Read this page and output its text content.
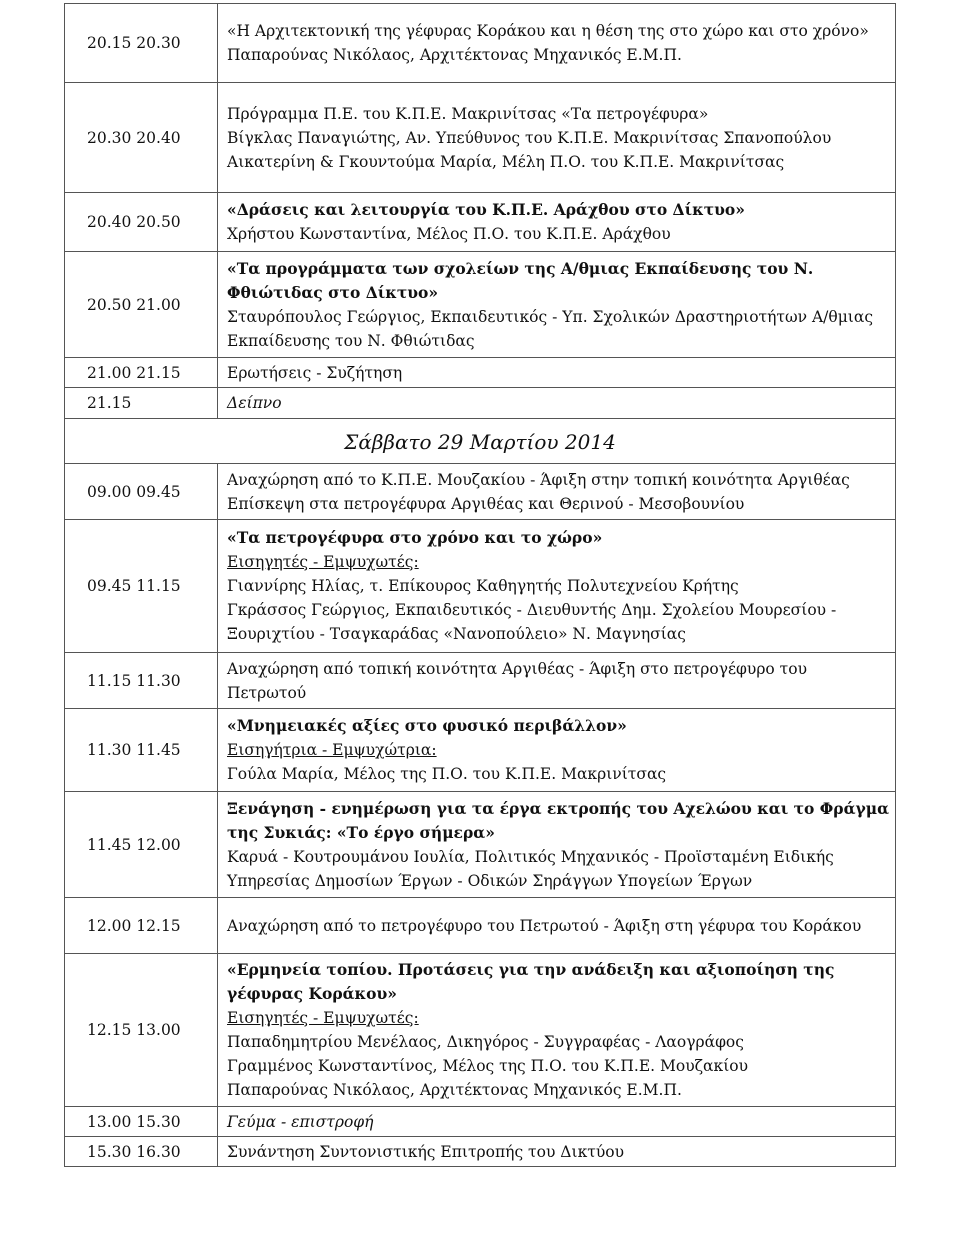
20.15 20.30	«Η Αρχιτεκτονική της γέφυρας Κοράκου και η θέση της στο χώρο και στο χρόνο»
Παπαρούνας Νικόλαος, Αρχιτέκτονας Μηχανικός Ε.Μ.Π.

20.30 20.40	Πρόγραμμα Π.Ε. του Κ.Π.Ε. Μακρινίτσας «Τα πετρογέφυρα»
Βίγκλας Παναγιώτης, Αν. Υπεύθυνος του Κ.Π.Ε. Μακρινίτσας Σπανοπούλου Αικατερίνη & Γκουντούμα Μαρία, Μέλη Π.Ο. του Κ.Π.Ε. Μακρινίτσας

20.40 20.50	«Δράσεις και λειτουργία του Κ.Π.Ε. Αράχθου στο Δίκτυο»
Χρήστου Κωνσταντίνα, Μέλος Π.Ο. του Κ.Π.Ε. Αράχθου

20.50 21.00	«Τα προγράμματα των σχολείων της Α/θμιας Εκπαίδευσης του Ν. Φθιώτιδας στο Δίκτυο»
Σταυρόπουλος Γεώργιος, Εκπαιδευτικός - Υπ. Σχολικών Δραστηριοτήτων Α/θμιας Εκπαίδευσης του Ν. Φθιώτιδας

21.00 21.15	Ερωτήσεις - Συζήτηση
21.15	Δείπνο
Σάββατο 29 Μαρτίου 2014	
09.00 09.45	Αναχώρηση από το Κ.Π.Ε. Μουζακίου - Άφιξη στην τοπική κοινότητα Αργιθέας
Επίσκεψη στα πετρογέφυρα Αργιθέας και Θερινού - Μεσοβουνίου

09.45 11.15	«Τα πετρογέφυρα στο χρόνο και το χώρο»
Εισηγητές - Εμψυχωτές:
Γιαννίρης Ηλίας, τ. Επίκουρος Καθηγητής Πολυτεχνείου Κρήτης
Γκράσσος Γεώργιος, Εκπαιδευτικός - Διευθυντής Δημ. Σχολείου Μουρεσίου - Ξουριχτίου - Τσαγκαράδας «Νανοπούλειο» Ν. Μαγνησίας

11.15 11.30	Αναχώρηση από τοπική κοινότητα Αργιθέας - Άφιξη στο πετρογέφυρο του Πετρωτού
11.30 11.45	«Μνημειακές αξίες στο φυσικό περιβάλλον»
Εισηγήτρια - Εμψυχώτρια:
Γούλα Μαρία, Μέλος της Π.Ο. του Κ.Π.Ε. Μακρινίτσας

11.45 12.00	Ξενάγηση - ενημέρωση για τα έργα εκτροπής του Αχελώου και το Φράγμα της Συκιάς: «Το έργο σήμερα»
Καρυά - Κουτρουμάνου Ιουλία, Πολιτικός Μηχανικός - Προϊσταμένη Ειδικής Υπηρεσίας Δημοσίων Έργων - Οδικών Σηράγγων Υπογείων Έργων

12.00 12.15	Αναχώρηση από το πετρογέφυρο του Πετρωτού - Άφιξη στη γέφυρα του Κοράκου
12.15 13.00	«Ερμηνεία τοπίου. Προτάσεις για την ανάδειξη και αξιοποίηση της γέφυρας Κοράκου»
Εισηγητές - Εμψυχωτές:
Παπαδημητρίου Μενέλαος, Δικηγόρος - Συγγραφέας - Λαογράφος
Γραμμένος Κωνσταντίνος, Μέλος της Π.Ο. του Κ.Π.Ε. Μουζακίου
Παπαρούνας Νικόλαος, Αρχιτέκτονας Μηχανικός Ε.Μ.Π.

13.00 15.30	Γεύμα - επιστροφή
15.30 16.30	Συνάντηση Συντονιστικής Επιτροπής του Δικτύου
